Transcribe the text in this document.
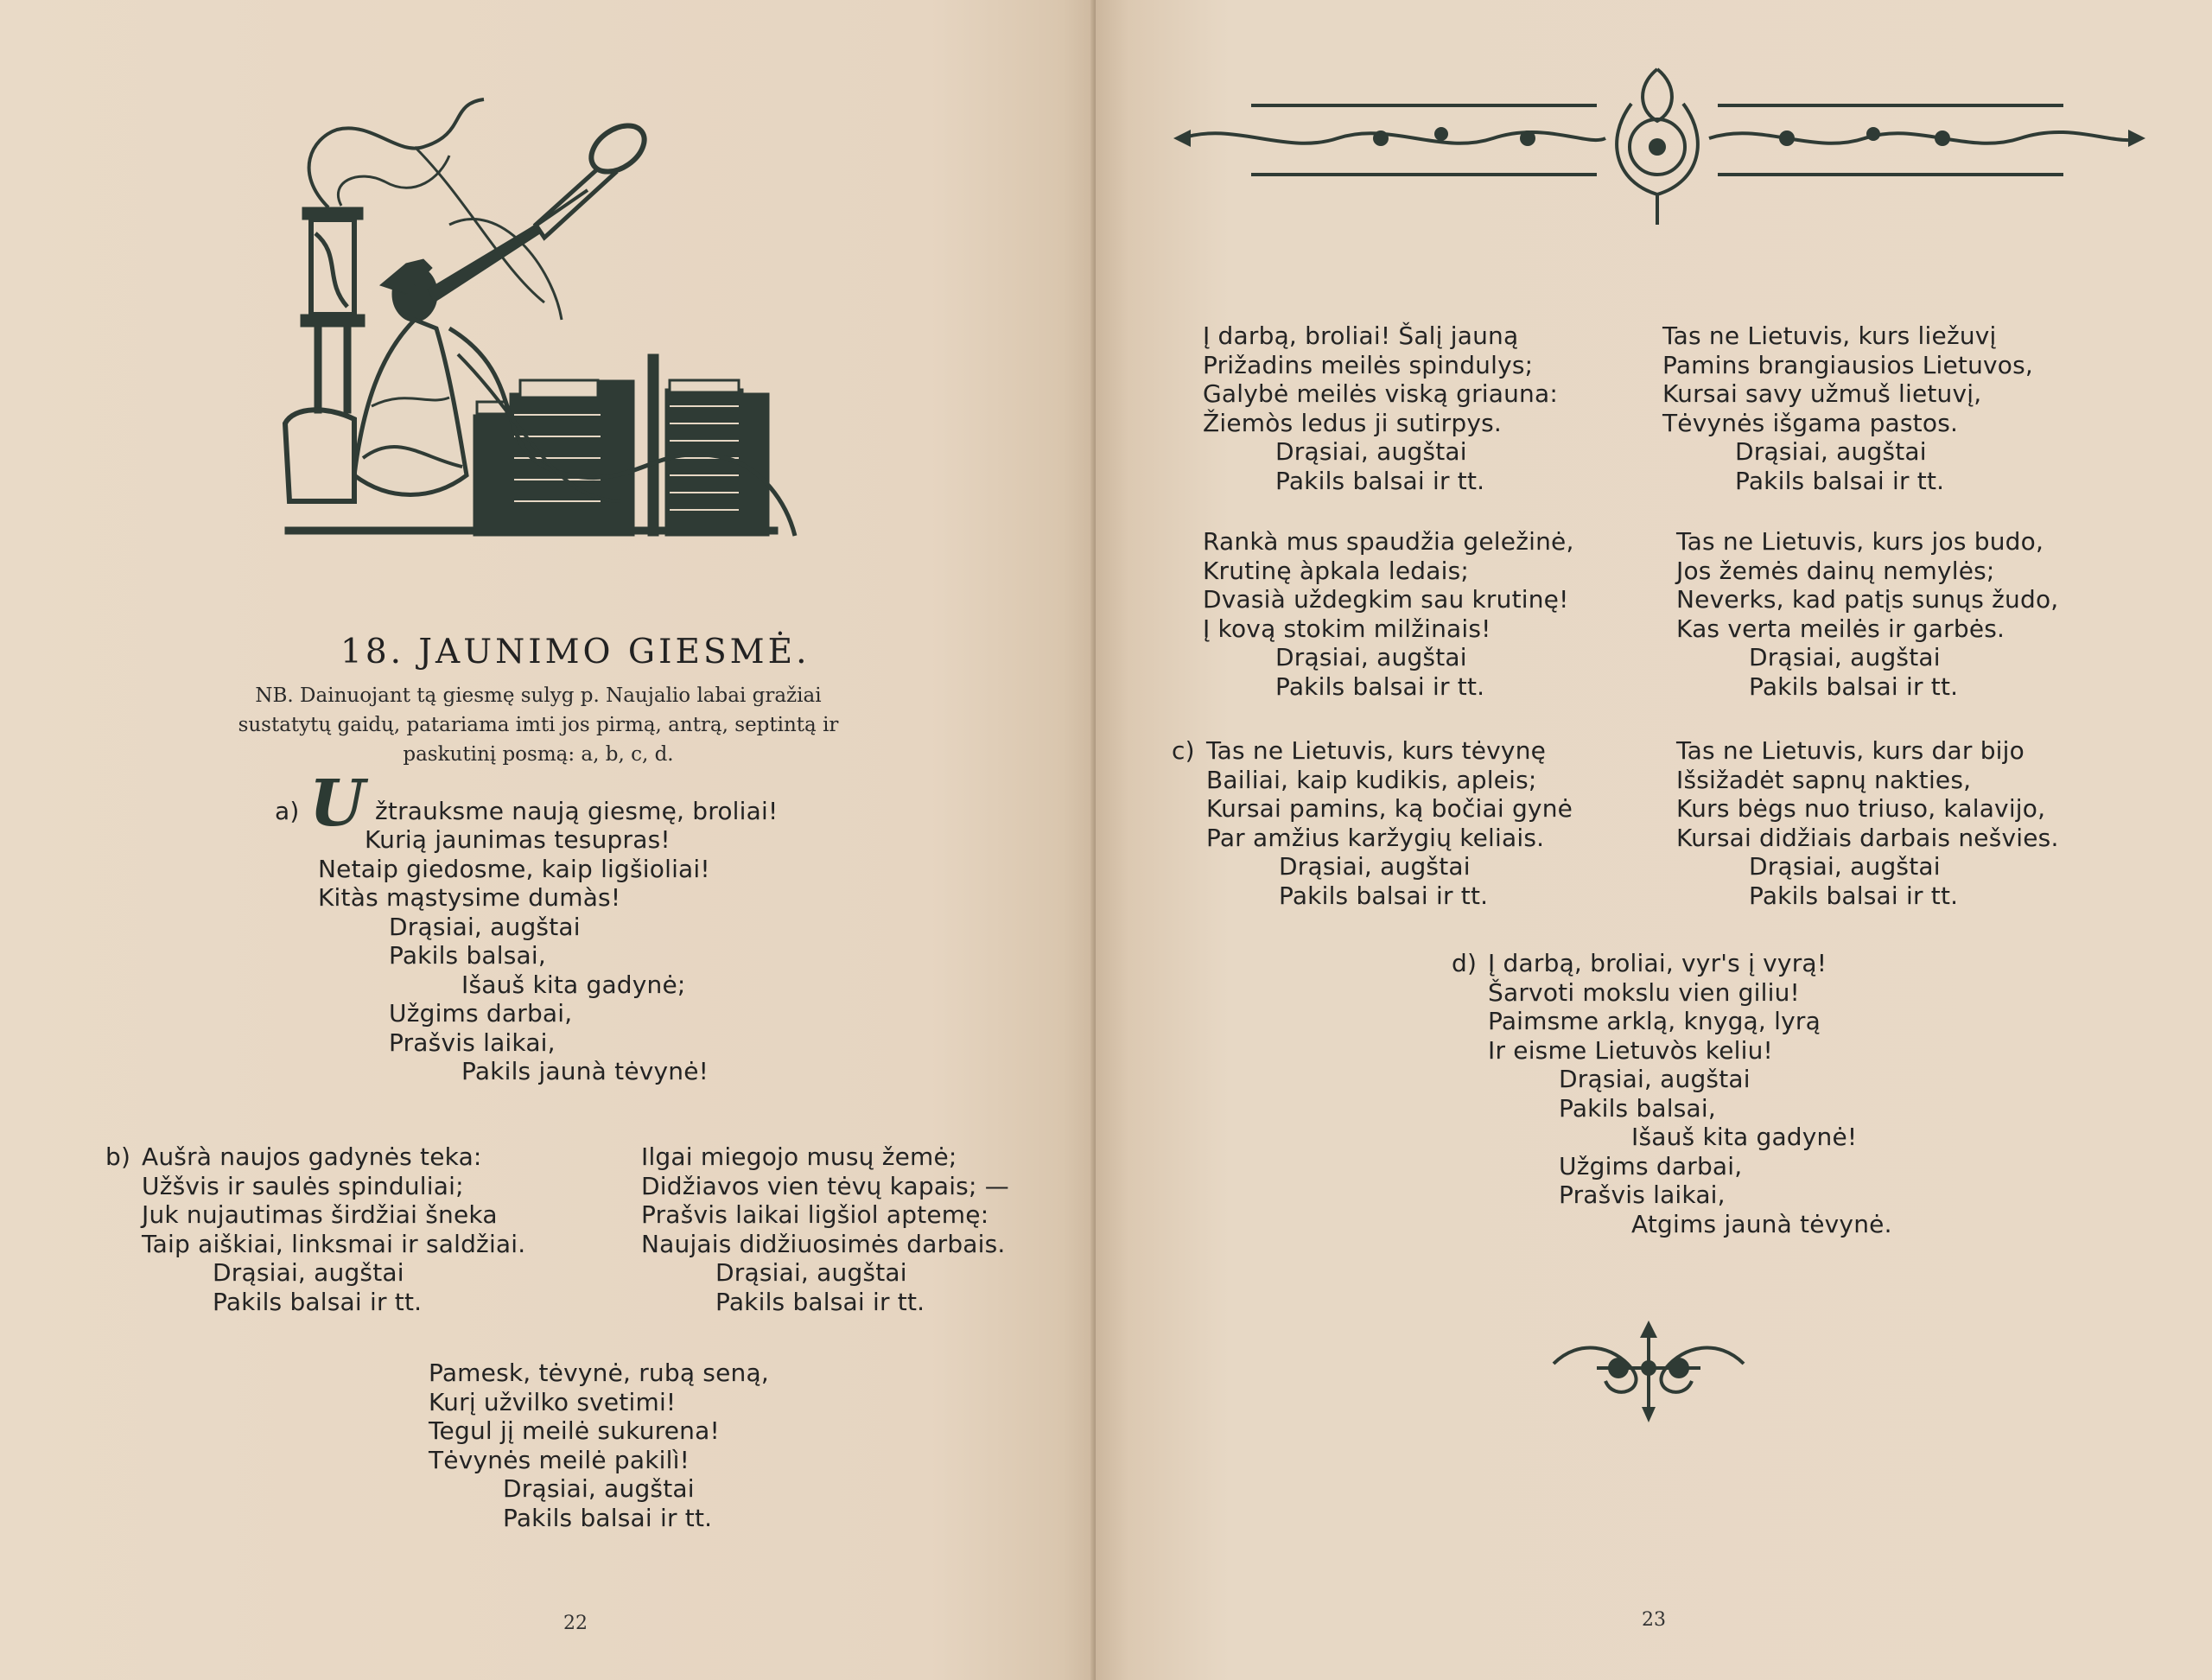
18. JAUNIMO GIESMĖ.
NB. Dainuojant tą giesmę sulyg p. Naujalio labai gražiai
sustatytų gaidų, patariama imti jos pirmą, antrą, septintą ir
paskutinį posmą: a, b, c, d.
a) U žtrauksme naują giesmę, broliai!
Kurią jaunimas tesupras!
Netaip giedosme, kaip ligšioliai!
Kitàs mąstysime dumàs!
Drąsiai, augštai
Pakils balsai,
Išauš kita gadynė;
Užgims darbai,
Prašvis laikai,
Pakils jaunà tėvynė!
b) Aušrà naujos gadynės teka:
Užšvis ir saulės spinduliai;
Juk nujautimas širdžiai šneka
Taip aiškiai, linksmai ir saldžiai.
Drąsiai, augštai
Pakils balsai ir tt.
Ilgai miegojo musų žemė;
Didžiavos vien tėvų kapais; —
Prašvis laikai ligšiol aptemę:
Naujais didžiuosimės darbais.
Drąsiai, augštai
Pakils balsai ir tt.
Pamesk, tėvynė, rubą seną,
Kurį užvilko svetimi!
Tegul jį meilė sukurena!
Tėvynės meilė pakilì!
Drąsiai, augštai
Pakils balsai ir tt.
22
Į darbą, broliai! Šalį jauną
Prižadins meilės spindulys;
Galybė meilės viską griauna:
Žiemòs ledus ji sutirpys.
Drąsiai, augštai
Pakils balsai ir tt.
Rankà mus spaudžia geležinė,
Krutinę àpkala ledais;
Dvasià uždegkim sau krutinę!
Į kovą stokim milžinais!
Drąsiai, augštai
Pakils balsai ir tt.
c) Tas ne Lietuvis, kurs tėvynę
Bailiai, kaip kudikis, apleis;
Kursai pamins, ką bočiai gynė
Par amžius karžygių keliais.
Drąsiai, augštai
Pakils balsai ir tt.
Tas ne Lietuvis, kurs liežuvį
Pamins brangiausios Lietuvos,
Kursai savy užmuš lietuvį,
Tėvynės išgama pastos.
Drąsiai, augštai
Pakils balsai ir tt.
Tas ne Lietuvis, kurs jos budo,
Jos žemės dainų nemylės;
Neverks, kad patįs sunųs žudo,
Kas verta meilės ir garbės.
Drąsiai, augštai
Pakils balsai ir tt.
Tas ne Lietuvis, kurs dar bijo
Išsižadėt sapnų nakties,
Kurs bėgs nuo triuso, kalavijo,
Kursai didžiais darbais nešvies.
Drąsiai, augštai
Pakils balsai ir tt.
d) Į darbą, broliai, vyr's į vyrą!
Šarvoti mokslu vien giliu!
Paimsme arklą, knygą, lyrą
Ir eisme Lietuvòs keliu!
Drąsiai, augštai
Pakils balsai,
Išauš kita gadynė!
Užgims darbai,
Prašvis laikai,
Atgims jaunà tėvynė.
23
